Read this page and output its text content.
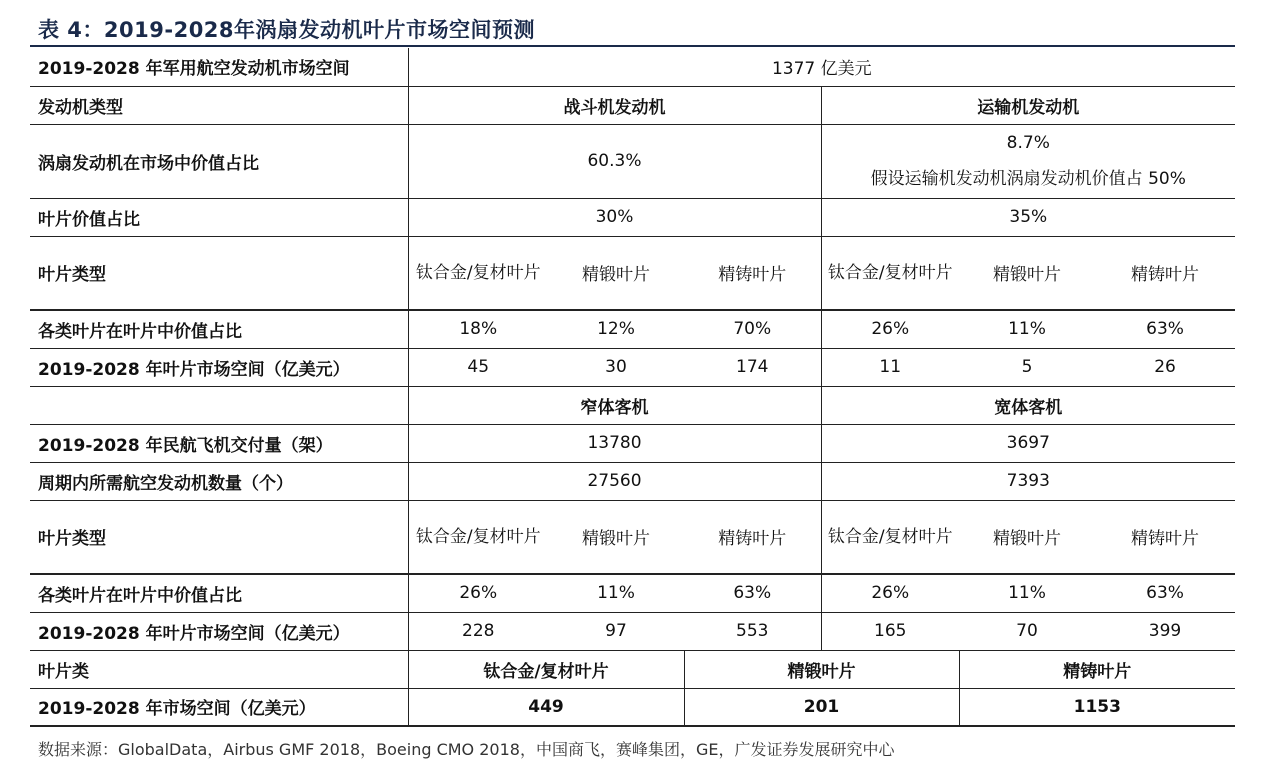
表 4：2019-2028年涡扇发动机叶片市场空间预测
2019-2028 年军用航空发动机市场空间	1377 亿美元					
发动机类型	战斗机发动机			运输机发动机		
涡扇发动机在市场中价值占比	60.3%			8.7%
假设运输机发动机涡扇发动机价值占 50%		

叶片价值占比	30%			35%		
叶片类型	钛合金/复材叶片	精锻叶片	精铸叶片	钛合金/复材叶片	精锻叶片	精铸叶片
各类叶片在叶片中价值占比	18%	12%	70%	26%	11%	63%
2019-2028 年叶片市场空间（亿美元）	45	30	174	11	5	26
	窄体客机			宽体客机		
2019-2028 年民航飞机交付量（架）	13780			3697		
周期内所需航空发动机数量（个）	27560			7393		
叶片类型	钛合金/复材叶片	精锻叶片	精铸叶片	钛合金/复材叶片	精锻叶片	精铸叶片
各类叶片在叶片中价值占比	26%	11%	63%	26%	11%	63%
2019-2028 年叶片市场空间（亿美元）	228	97	553	165	70	399
叶片类	钛合金/复材叶片		精锻叶片		精铸叶片	
2019-2028 年市场空间（亿美元）	449		201		1153	
数据来源：GlobalData，Airbus GMF 2018，Boeing CMO 2018，中国商飞，赛峰集团，GE，广发证券发展研究中心
